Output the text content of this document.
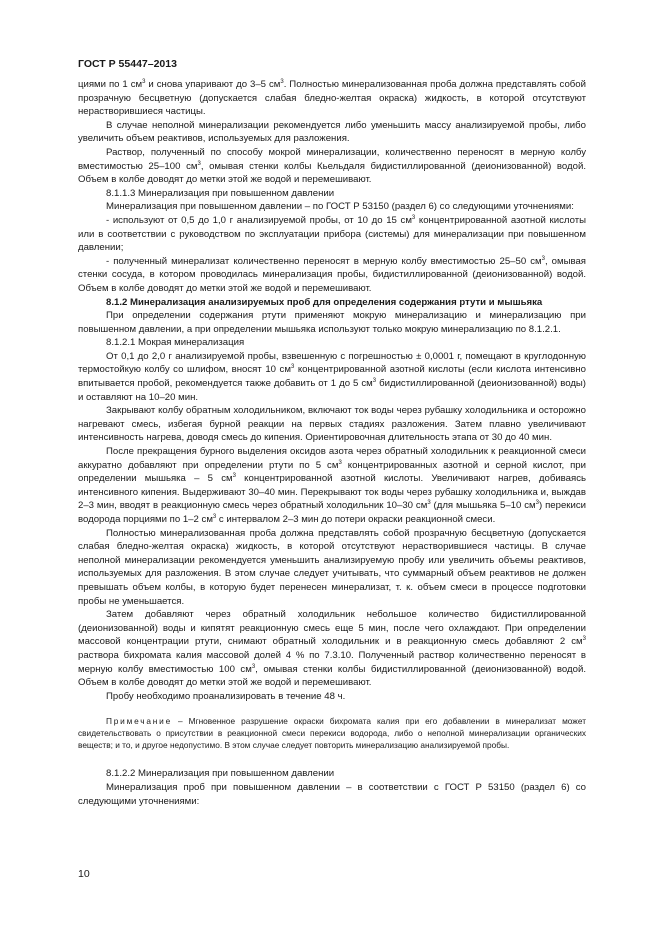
ГОСТ Р 55447–2013

циями по 1 $см^3$ и снова упаривают до 3–5 $см^3$. Полностью минерализованная проба должна представлять собой прозрачную бесцветную (допускается слабая бледно-желтая окраска) жидкость, в которой отсутствуют нерастворившиеся частицы.

В случае неполной минерализации рекомендуется либо уменьшить массу анализируемой пробы, либо увеличить объем реактивов, используемых для разложения.

Раствор, полученный по способу мокрой минерализации, количественно переносят в мерную колбу вместимостью 25–100 $см^3$, омывая стенки колбы Кьельдаля бидистиллированной (деионизованной) водой. Объем в колбе доводят до метки этой же водой и перемешивают.

8.1.1.3 Минерализация при повышенном давлении

Минерализация при повышенном давлении – по ГОСТ Р 53150 (раздел 6) со следующими уточнениями:

- используют от 0,5 до 1,0 г анализируемой пробы, от 10 до 15 $см^3$ концентрированной азотной кислоты или в соответствии с руководством по эксплуатации прибора (системы) для минерализации при повышенном давлении;

- полученный минерализат количественно переносят в мерную колбу вместимостью 25–50 $см^3$, омывая стенки сосуда, в котором проводилась минерализация пробы, бидистиллированной (деионизованной) водой. Объем в колбе доводят до метки этой же водой и перемешивают.

8.1.2 Минерализация анализируемых проб для определения содержания ртути и мышьяка

При определении содержания ртути применяют мокрую минерализацию и минерализацию при повышенном давлении, а при определении мышьяка используют только мокрую минерализацию по 8.1.2.1.

8.1.2.1 Мокрая минерализация

От 0,1 до 2,0 г анализируемой пробы, взвешенную с погрешностью ± 0,0001 г, помещают в круглодонную термостойкую колбу со шлифом, вносят 10 $см^3$ концентрированной азотной кислоты (если кислота интенсивно впитывается пробой, рекомендуется также добавить от 1 до 5 $см^3$ бидистиллированной (деионизованной) воды) и оставляют на 10–20 мин.

Закрывают колбу обратным холодильником, включают ток воды через рубашку холодильника и осторожно нагревают смесь, избегая бурной реакции на первых стадиях разложения. Затем плавно увеличивают интенсивность нагрева, доводя смесь до кипения. Ориентировочная длительность этапа от 30 до 40 мин.

После прекращения бурного выделения оксидов азота через обратный холодильник к реакционной смеси аккуратно добавляют при определении ртути по 5 $см^3$ концентрированных азотной и серной кислот, при определении мышьяка – 5 $см^3$ концентрированной азотной кислоты. Увеличивают нагрев, добиваясь интенсивного кипения. Выдерживают 30–40 мин. Перекрывают ток воды через рубашку холодильника и, выждав 2–3 мин, вводят в реакционную смесь через обратный холодильник 10–30 $см^3$ (для мышьяка 5–10 $см^3$) перекиси водорода порциями по 1–2 $см^3$ с интервалом 2–3 мин до потери окраски реакционной смеси.

Полностью минерализованная проба должна представлять собой прозрачную бесцветную (допускается слабая бледно-желтая окраска) жидкость, в которой отсутствуют нерастворившиеся частицы. В случае неполной минерализации рекомендуется уменьшить анализируемую пробу или увеличить объемы реактивов, используемых для разложения. В этом случае следует учитывать, что суммарный объем реактивов не должен превышать объем колбы, в которую будет перенесен минерализат, т. к. объем смеси в процессе подготовки пробы не уменьшается.

Затем добавляют через обратный холодильник небольшое количество бидистиллированной (деионизованной) воды и кипятят реакционную смесь еще 5 мин, после чего охлаждают. При определении массовой концентрации ртути, снимают обратный холодильник и в реакционную смесь добавляют 2 $см^3$ раствора бихромата калия массовой долей 4 % по 7.3.10. Полученный раствор количественно переносят в мерную колбу вместимостью 100 $см^3$, омывая стенки колбы бидистиллированной (деионизованной) водой. Объем в колбе доводят до метки этой же водой и перемешивают.

Пробу необходимо проанализировать в течение 48 ч.

Примечание – Мгновенное разрушение окраски бихромата калия при его добавлении в минерализат может свидетельствовать о присутствии в реакционной смеси перекиси водорода, либо о неполной минерализации органических веществ; и то, и другое недопустимо. В этом случае следует повторить минерализацию анализируемой пробы.

8.1.2.2 Минерализация при повышенном давлении

Минерализация проб при повышенном давлении – в соответствии с ГОСТ Р 53150 (раздел 6) со следующими уточнениями:

10
